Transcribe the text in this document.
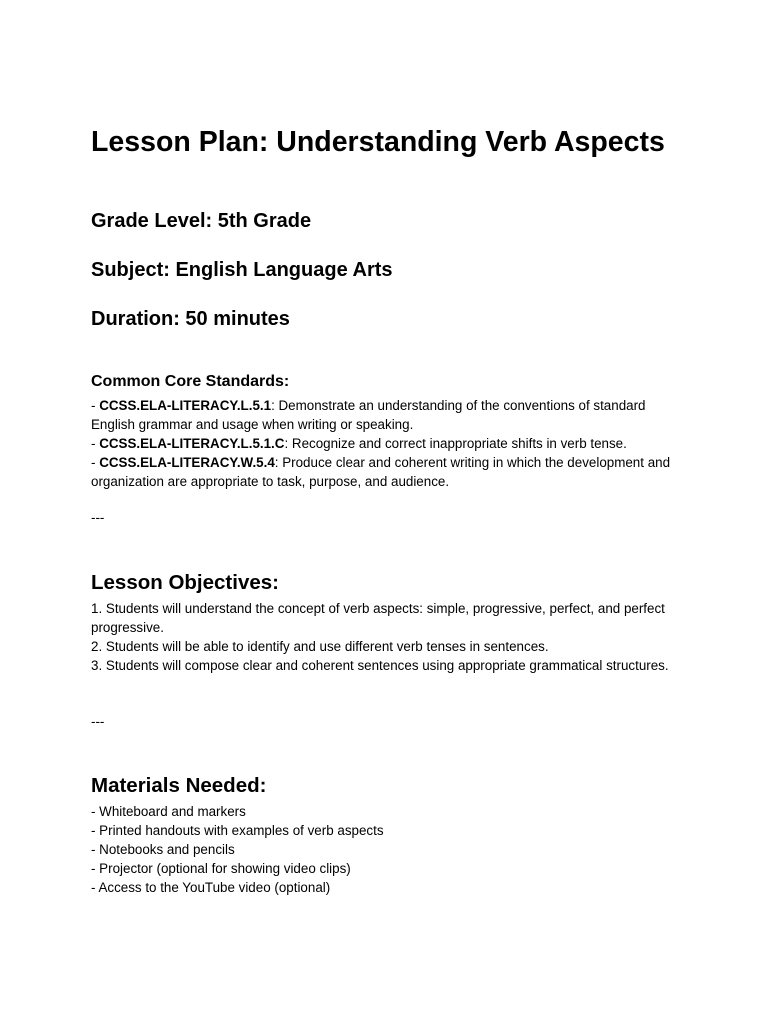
Lesson Plan: Understanding Verb Aspects

Grade Level: 5th Grade

Subject: English Language Arts

Duration: 50 minutes

Common Core Standards:

- CCSS.ELA-LITERACY.L.5.1: Demonstrate an understanding of the conventions of standard English grammar and usage when writing or speaking.

- CCSS.ELA-LITERACY.L.5.1.C: Recognize and correct inappropriate shifts in verb tense.

- CCSS.ELA-LITERACY.W.5.4: Produce clear and coherent writing in which the development and organization are appropriate to task, purpose, and audience.

---

Lesson Objectives:

1. Students will understand the concept of verb aspects: simple, progressive, perfect, and perfect progressive.

2. Students will be able to identify and use different verb tenses in sentences.

3. Students will compose clear and coherent sentences using appropriate grammatical structures.

---

Materials Needed:

- Whiteboard and markers

- Printed handouts with examples of verb aspects

- Notebooks and pencils

- Projector (optional for showing video clips)

- Access to the YouTube video (optional)
